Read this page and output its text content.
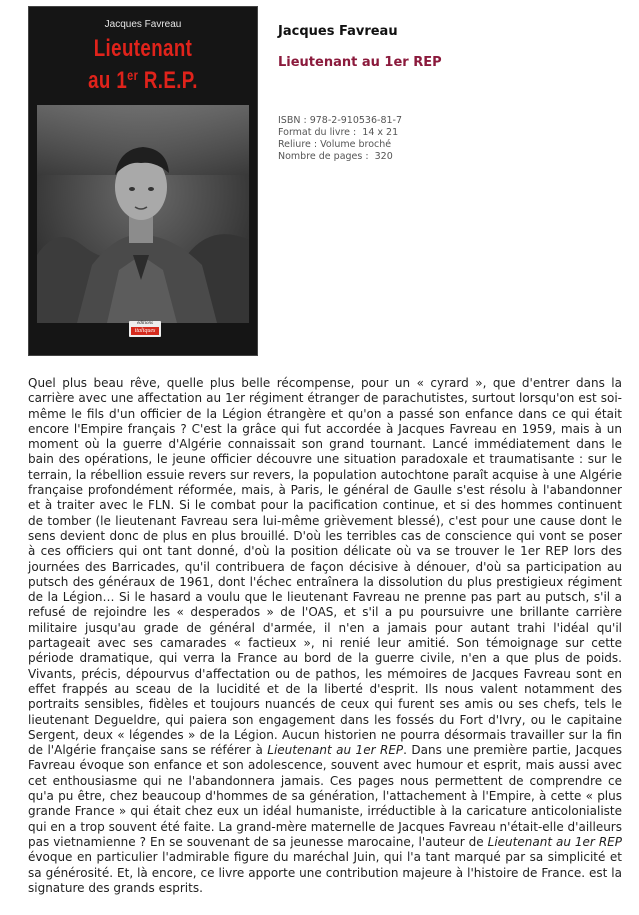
Jacques Favreau
Lieutenant
au 1er R.E.P.
éditions
italiques
Jacques Favreau
Lieutenant au 1er REP
ISBN : 978-2-910536-81-7
Format du livre :  14 x 21
Reliure : Volume broché
Nombre de pages :  320

Quel plus beau rêve, quelle plus belle récompense, pour un « cyrard », que d'entrer dans la carrière avec une affectation au 1er régiment étranger de parachutistes, surtout lorsqu'on est soi-même le fils d'un officier de la Légion étrangère et qu'on a passé son enfance dans ce qui était encore l'Empire français ? C'est la grâce qui fut accordée à Jacques Favreau en 1959, mais à un moment où la guerre d'Algérie connaissait son grand tournant. Lancé immédiatement dans le bain des opérations, le jeune officier découvre une situation paradoxale et traumatisante : sur le terrain, la rébellion essuie revers sur revers, la population autochtone paraît acquise à une Algérie française profondément réformée, mais, à Paris, le général de Gaulle s'est résolu à l'abandonner et à traiter avec le FLN. Si le combat pour la pacification continue, et si des hommes continuent de tomber (le lieutenant Favreau sera lui-même grièvement blessé), c'est pour une cause dont le sens devient donc de plus en plus brouillé. D'où les terribles cas de conscience qui vont se poser à ces officiers qui ont tant donné, d'où la position délicate où va se trouver le 1er REP lors des journées des Barricades, qu'il contribuera de façon décisive à dénouer, d'où sa participation au putsch des généraux de 1961, dont l'échec entraînera la dissolution du plus prestigieux régiment de la Légion… Si le hasard a voulu que le lieutenant Favreau ne prenne pas part au putsch, s'il a refusé de rejoindre les « desperados » de l'OAS, et s'il a pu poursuivre une brillante carrière militaire jusqu'au grade de général d'armée, il n'en a jamais pour autant trahi l'idéal qu'il partageait avec ses camarades « factieux », ni renié leur amitié. Son témoignage sur cette période dramatique, qui verra la France au bord de la guerre civile, n'en a que plus de poids. Vivants, précis, dépourvus d'affectation ou de pathos, les mémoires de Jacques Favreau sont en effet frappés au sceau de la lucidité et de la liberté d'esprit. Ils nous valent notamment des portraits sensibles, fidèles et toujours nuancés de ceux qui furent ses amis ou ses chefs, tels le lieutenant Degueldre, qui paiera son engagement dans les fossés du Fort d'Ivry, ou le capitaine Sergent, deux « légendes » de la Légion. Aucun historien ne pourra désormais travailler sur la fin de l'Algérie française sans se référer à Lieutenant au 1er REP. Dans une première partie, Jacques Favreau évoque son enfance et son adolescence, souvent avec humour et esprit, mais aussi avec cet enthousiasme qui ne l'abandonnera jamais. Ces pages nous permettent de comprendre ce qu'a pu être, chez beaucoup d'hommes de sa génération, l'attachement à l'Empire, à cette « plus grande France » qui était chez eux un idéal humaniste, irréductible à la caricature anticolonialiste qui en a trop souvent été faite. La grand-mère maternelle de Jacques Favreau n'était-elle d'ailleurs pas vietnamienne ? En se souvenant de sa jeunesse marocaine, l'auteur de Lieutenant au 1er REP évoque en particulier l'admirable figure du maréchal Juin, qui l'a tant marqué par sa simplicité et sa générosité. Et, là encore, ce livre apporte une contribution majeure à l'histoire de France. est la signature des grands esprits.
